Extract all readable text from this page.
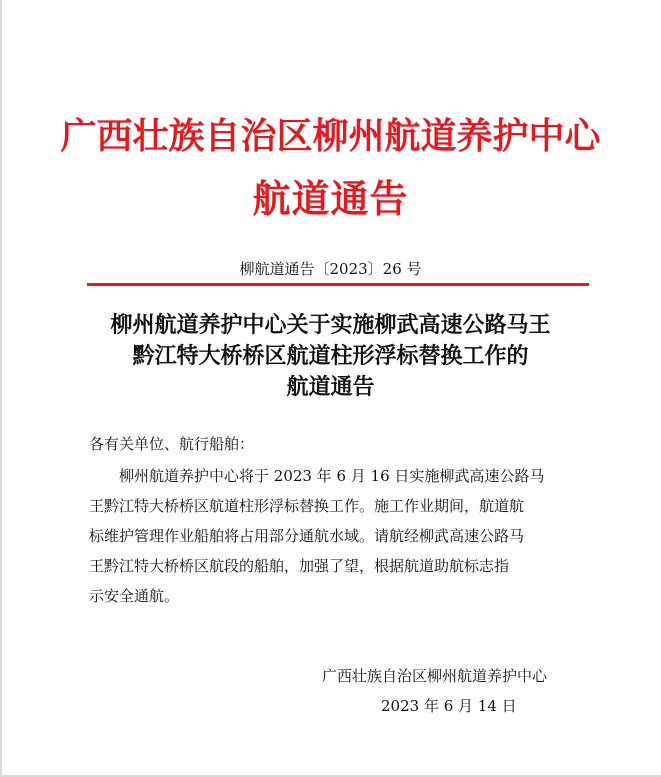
广西壮族自治区柳州航道养护中心
航道通告
柳航道通告〔2023〕26 号
柳州航道养护中心关于实施柳武高速公路马王
黔江特大桥桥区航道柱形浮标替换工作的
航道通告
各有关单位、航行船舶：
柳州航道养护中心将于 2023 年 6 月 16 日实施柳武高速公路马
王黔江特大桥桥区航道柱形浮标替换工作。施工作业期间，航道航
标维护管理作业船舶将占用部分通航水域。请航经柳武高速公路马
王黔江特大桥桥区航段的船舶，加强了望，根据航道助航标志指
示安全通航。
广西壮族自治区柳州航道养护中心
2023 年 6 月 14 日
